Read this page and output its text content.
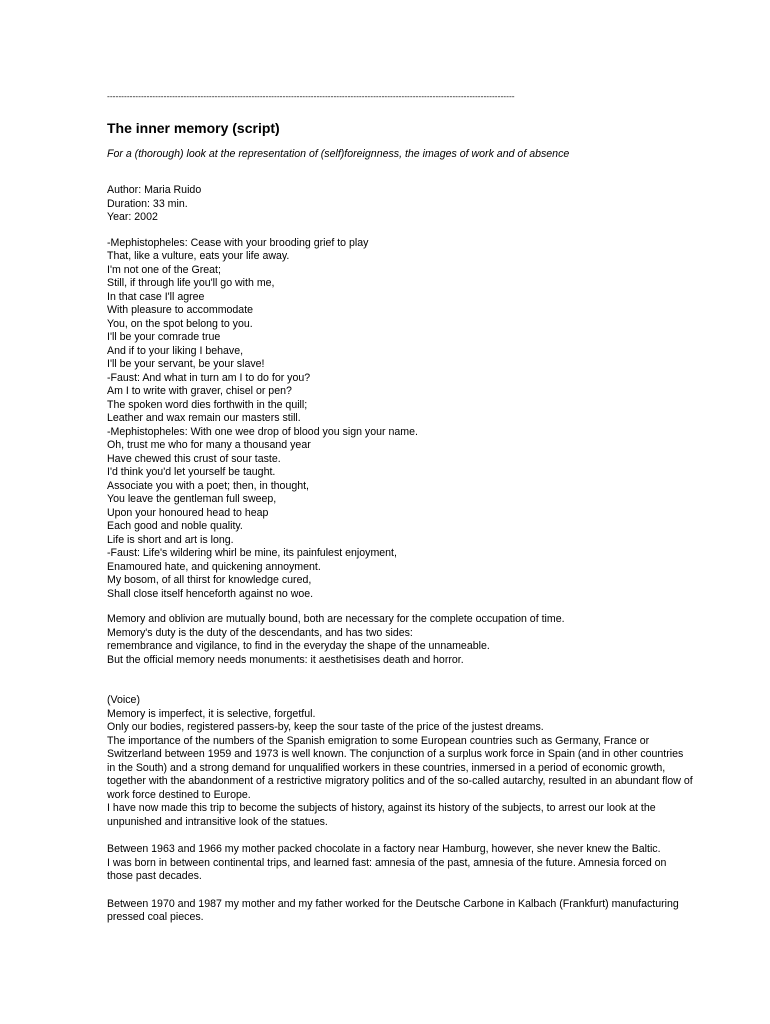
------------------------------------------------------------------------------------------------------------------------------------------------
The inner memory (script)
For a (thorough) look at the representation of (self)foreignness, the images of work and of absence
Author: Maria Ruido
Duration: 33 min.
Year: 2002
-Mephistopheles: Cease with your brooding grief to play
That, like a vulture, eats your life away.
I'm not one of the Great;
Still, if through life you'll go with me,
In that case I'll agree
With pleasure to accommodate
You, on the spot belong to you.
I'll be your comrade true
And if to your liking I behave,
I'll be your servant, be your slave!
-Faust: And what in turn am I to do for you?
Am I to write with graver, chisel or pen?
The spoken word dies forthwith in the quill;
Leather and wax remain our masters still.
-Mephistopheles: With one wee drop of blood you sign your name.
Oh, trust me who for many a thousand year
Have chewed this crust of sour taste.
I'd think you'd let yourself be taught.
Associate you with a poet; then, in thought,
You leave the gentleman full sweep,
Upon your honoured head to heap
Each good and noble quality.
Life is short and art is long.
-Faust: Life's wildering whirl be mine, its painfulest enjoyment,
Enamoured hate, and quickening annoyment.
My bosom, of all thirst for knowledge cured,
Shall close itself henceforth against no woe.
Memory and oblivion are mutually bound, both are necessary for the complete occupation of time.
Memory's duty is the duty of the descendants, and has two sides:
remembrance and vigilance, to find in the everyday the shape of the unnameable.
But the official memory needs monuments: it aesthetisises death and horror.
(Voice)
Memory is imperfect, it is selective, forgetful.
Only our bodies, registered passers-by, keep the sour taste of the price of the justest dreams.
The importance of the numbers of the Spanish emigration to some European countries such as Germany, France or
Switzerland between 1959 and 1973 is well known. The conjunction of a surplus work force in Spain (and in other countries
in the South) and a strong demand for unqualified workers in these countries, inmersed in a period of economic growth,
together with the abandonment of a restrictive migratory politics and of the so-called autarchy, resulted in an abundant flow of
work force destined to Europe.
I have now made this trip to become the subjects of history, against its history of the subjects, to arrest our look at the
unpunished and intransitive look of the statues.
Between 1963 and 1966 my mother packed chocolate in a factory near Hamburg, however, she never knew the Baltic.
I was born in between continental trips, and learned fast: amnesia of the past, amnesia of the future. Amnesia forced on
those past decades.
Between 1970 and 1987 my mother and my father worked for the Deutsche Carbone in Kalbach (Frankfurt) manufacturing
pressed coal pieces.
